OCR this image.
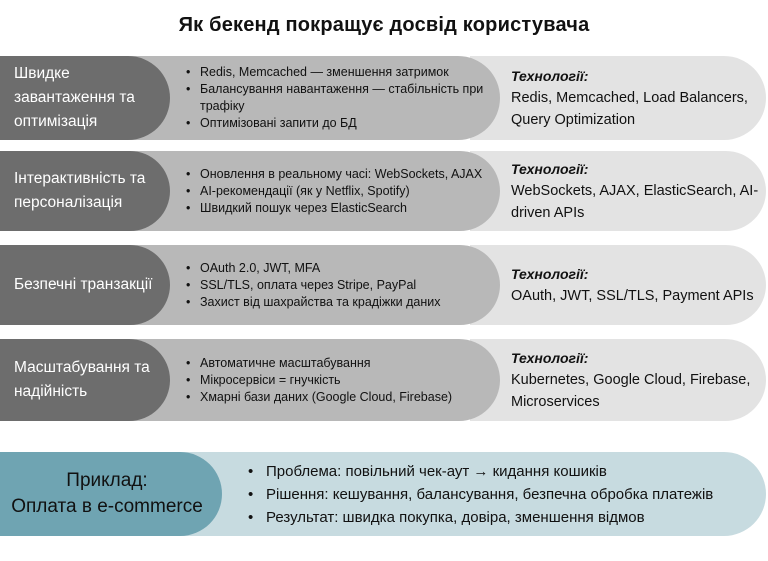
Як бекенд покращує досвід користувача
Швидке завантаження та оптимізація
• Redis, Memcached — зменшення затримок
• Балансування навантаження — стабільність при трафіку
• Оптимізовані запити до БД
Технології:
Redis, Memcached, Load Balancers, Query Optimization
Інтерактивність та персоналізація
• Оновлення в реальному часі: WebSockets, AJAX
• AI-рекомендації (як у Netflix, Spotify)
• Швидкий пошук через ElasticSearch
Технології:
WebSockets, AJAX, ElasticSearch, AI-driven APIs
Безпечні транзакції
• OAuth 2.0, JWT, MFA
• SSL/TLS, оплата через Stripe, PayPal
• Захист від шахрайства та крадіжки даних
Технології:
OAuth, JWT, SSL/TLS, Payment APIs
Масштабування та надійність
• Автоматичне масштабування
• Мікросервіси = гнучкість
• Хмарні бази даних (Google Cloud, Firebase)
Технології:
Kubernetes, Google Cloud, Firebase, Microservices
Приклад:
Оплата в e-commerce
• Проблема: повільний чек-аут → кидання кошиків
• Рішення: кешування, балансування, безпечна обробка платежів
• Результат: швидка покупка, довіра, зменшення відмов
